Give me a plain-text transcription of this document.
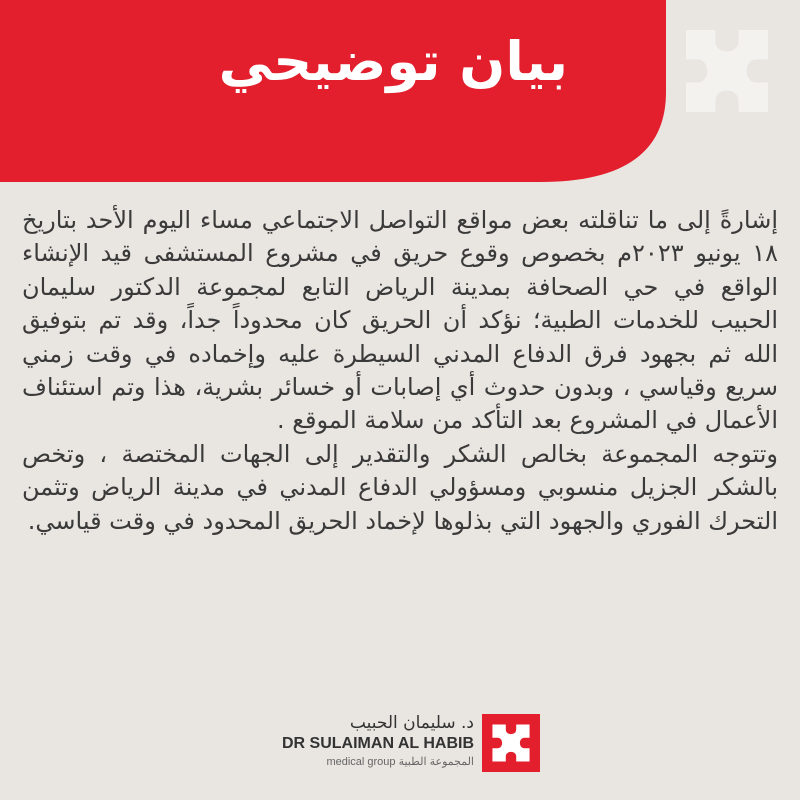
بيان توضيحي

إشارةً إلى ما تناقلته بعض مواقع التواصل الاجتماعي مساء اليوم الأحد بتاريخ ١٨ يونيو ٢٠٢٣م بخصوص وقوع حريق في مشروع المستشفى قيد الإنشاء الواقع في حي الصحافة بمدينة الرياض التابع لمجموعة الدكتور سليمان الحبيب للخدمات الطبية؛ نؤكد أن الحريق كان محدوداً جداً، وقد تم بتوفيق الله ثم بجهود فرق الدفاع المدني السيطرة عليه وإخماده في وقت زمني سريع وقياسي ، وبدون حدوث أي إصابات أو خسائر بشرية، هذا وتم استئناف الأعمال في المشروع بعد التأكد من سلامة الموقع .

وتتوجه المجموعة بخالص الشكر والتقدير إلى الجهات المختصة ، وتخص بالشكر الجزيل منسوبي ومسؤولي الدفاع المدني في مدينة الرياض وتثمن التحرك الفوري والجهود التي بذلوها لإخماد الحريق المحدود في وقت قياسي.

د. سليمان الحبيب
DR SULAIMAN AL HABIB
medical group المجموعة الطبية
